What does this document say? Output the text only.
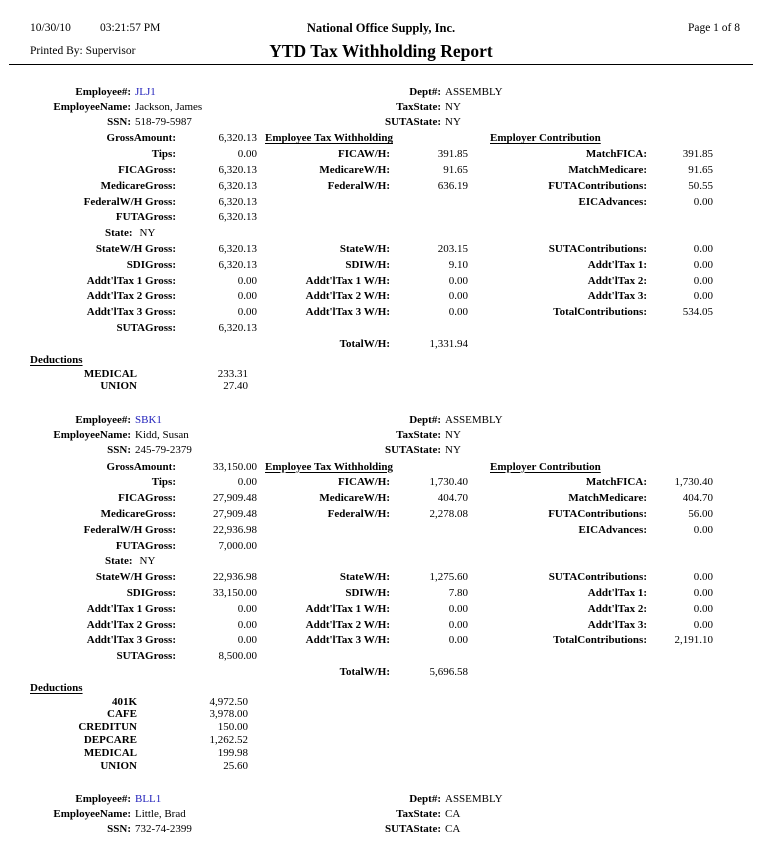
10/30/10	03:21:57 PM	National Office Supply, Inc.	Page 1 of 8
Printed By: Supervisor	YTD Tax Withholding Report
Employee#: JLJ1	Dept#: ASSEMBLY
EmployeeName: Jackson, James	TaxState: NY
SSN: 518-79-5987	SUTAState: NY
GrossAmount:	6,320.13 Employee Tax Withholding	Employer Contribution
Tips:	0.00	FICAW/H:	391.85	MatchFICA:	391.85
FICAGross:	6,320.13	MedicareW/H:	91.65	MatchMedicare:	91.65
MedicareGross:	6,320.13	FederalW/H:	636.19	FUTAContributions:	50.55
FederalW/H Gross:	6,320.13	EICAdvances:	0.00
FUTAGross:	6,320.13
State: NY
StateW/H Gross:	6,320.13	StateW/H:	203.15	SUTAContributions:	0.00
SDIGross:	6,320.13	SDIW/H:	9.10	Addt'lTax 1:	0.00
Addt'lTax 1 Gross:	0.00	Addt'lTax 1 W/H:	0.00	Addt'lTax 2:	0.00
Addt'lTax 2 Gross:	0.00	Addt'lTax 2 W/H:	0.00	Addt'lTax 3:	0.00
Addt'lTax 3 Gross:	0.00	Addt'lTax 3 W/H:	0.00	TotalContributions:	534.05
SUTAGross:	6,320.13
TotalW/H:	1,331.94
Deductions
MEDICAL	233.31
UNION	27.40
Employee#: SBK1	Dept#: ASSEMBLY
EmployeeName: Kidd, Susan	TaxState: NY
SSN: 245-79-2379	SUTAState: NY
GrossAmount:	33,150.00 Employee Tax Withholding	Employer Contribution
Tips:	0.00	FICAW/H:	1,730.40	MatchFICA:	1,730.40
FICAGross:	27,909.48	MedicareW/H:	404.70	MatchMedicare:	404.70
MedicareGross:	27,909.48	FederalW/H:	2,278.08	FUTAContributions:	56.00
FederalW/H Gross:	22,936.98	EICAdvances:	0.00
FUTAGross:	7,000.00
State: NY
StateW/H Gross:	22,936.98	StateW/H:	1,275.60	SUTAContributions:	0.00
SDIGross:	33,150.00	SDIW/H:	7.80	Addt'lTax 1:	0.00
Addt'lTax 1 Gross:	0.00	Addt'lTax 1 W/H:	0.00	Addt'lTax 2:	0.00
Addt'lTax 2 Gross:	0.00	Addt'lTax 2 W/H:	0.00	Addt'lTax 3:	0.00
Addt'lTax 3 Gross:	0.00	Addt'lTax 3 W/H:	0.00	TotalContributions:	2,191.10
SUTAGross:	8,500.00
TotalW/H:	5,696.58
Deductions
401K	4,972.50
CAFE	3,978.00
CREDITUN	150.00
DEPCARE	1,262.52
MEDICAL	199.98
UNION	25.60
Employee#: BLL1	Dept#: ASSEMBLY
EmployeeName: Little, Brad	TaxState: CA
SSN: 732-74-2399	SUTAState: CA
